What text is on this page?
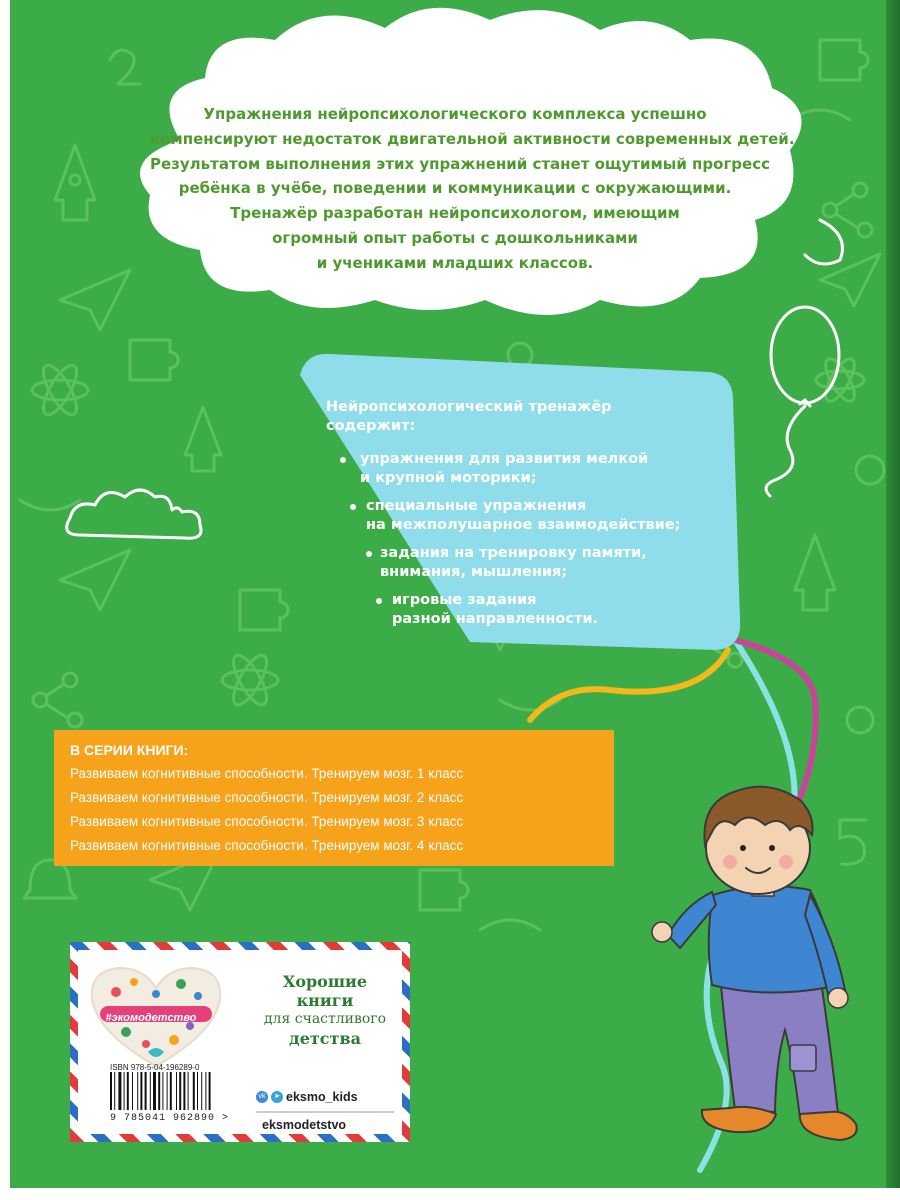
Упражнения нейропсихологического комплекса успешно
компенсируют недостаток двигательной активности современных детей.
Результатом выполнения этих упражнений станет ощутимый прогресс
ребёнка в учёбе, поведении и коммуникации с окружающими.
Тренажёр разработан нейропсихологом, имеющим
огромный опыт работы с дошкольниками
и учениками младших классов.
Нейропсихологический тренажёр
содержит:
упражнения для развития мелкой
и крупной моторики;
специальные упражнения
на межполушарное взаимодействие;
задания на тренировку памяти,
внимания, мышления;
игровые задания
разной направленности.
В СЕРИИ КНИГИ:
Развиваем когнитивные способности. Тренируем мозг. 1 класс
Развиваем когнитивные способности. Тренируем мозг. 2 класс
Развиваем когнитивные способности. Тренируем мозг. 3 класс
Развиваем когнитивные способности. Тренируем мозг. 4 класс
#экомодетство
Хорошие
книги
для счастливого
детства
ISBN 978-5-04-196289-0
9 785041 962890 >
vk	➤ eksmo_kids
eksmodetstvo
